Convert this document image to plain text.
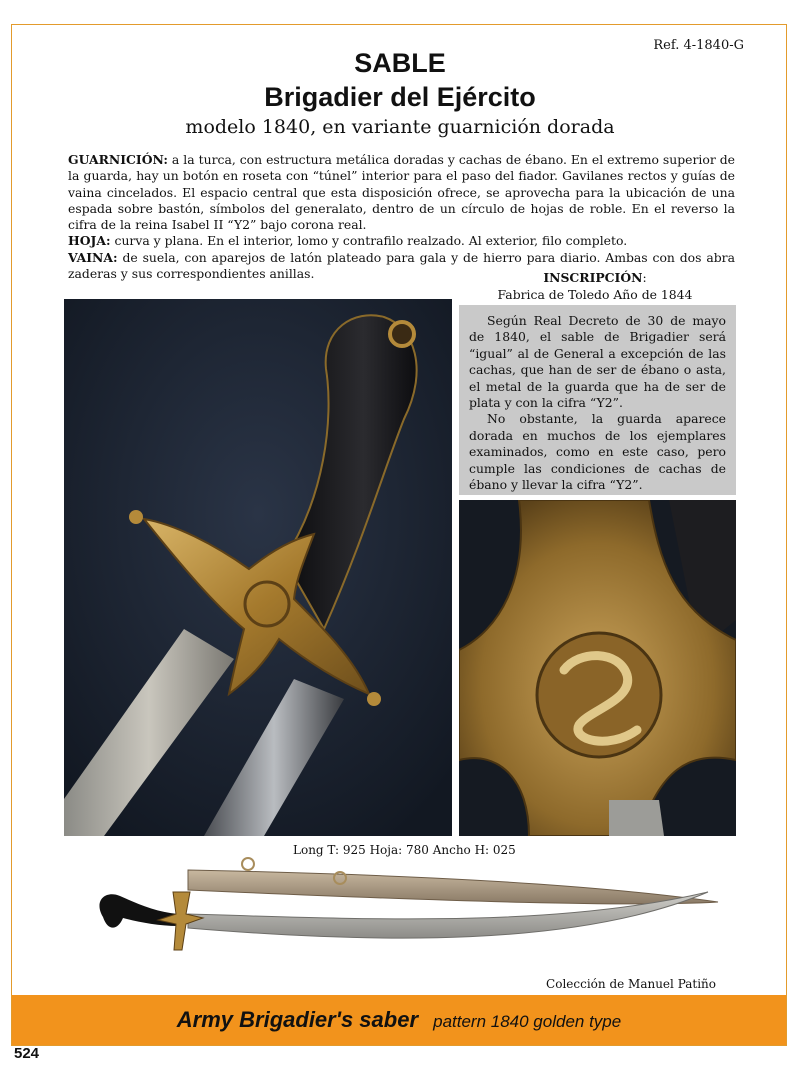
Ref. 4-1840-G
SABLE
Brigadier del Ejército
modelo 1840, en variante guarnición dorada

GUARNICIÓN: a la turca, con estructura metálica doradas y cachas de ébano. En el extremo superior de la guarda, hay un botón en roseta con “túnel” interior para el paso del fiador. Gavilanes rectos y guías de vaina cincelados. El espacio central que esta disposición ofrece, se aprovecha para la ubicación de una espada sobre bastón, símbolos del generalato, dentro de un círculo de hojas de roble. En el reverso la cifra de la reina Isabel II “Y2” bajo corona real.

HOJA: curva y plana. En el interior, lomo y contrafilo realzado. Al exterior, filo completo.

VAINA: de suela, con aparejos de latón plateado para gala y de hierro para diario. Ambas con dos abra zaderas y sus correspondientes anillas.	INSCRIPCIÓN:
Fabrica de Toledo Año de 1844

Según Real Decreto de 30 de mayo de 1840, el sable de Brigadier será “igual” al de General a excepción de las cachas, que han de ser de ébano o asta, el metal de la guarda que ha de ser de plata y con la cifra “Y2”.

No obstante, la guarda aparece dorada en muchos de los ejemplares examinados, como en este caso, pero cumple las condiciones de cachas de ébano y llevar la cifra “Y2”.

Long T: 925 Hoja: 780 Ancho H: 025
Colección de Manuel Patiño
Army Brigadier's saber pattern 1840 golden type
524
